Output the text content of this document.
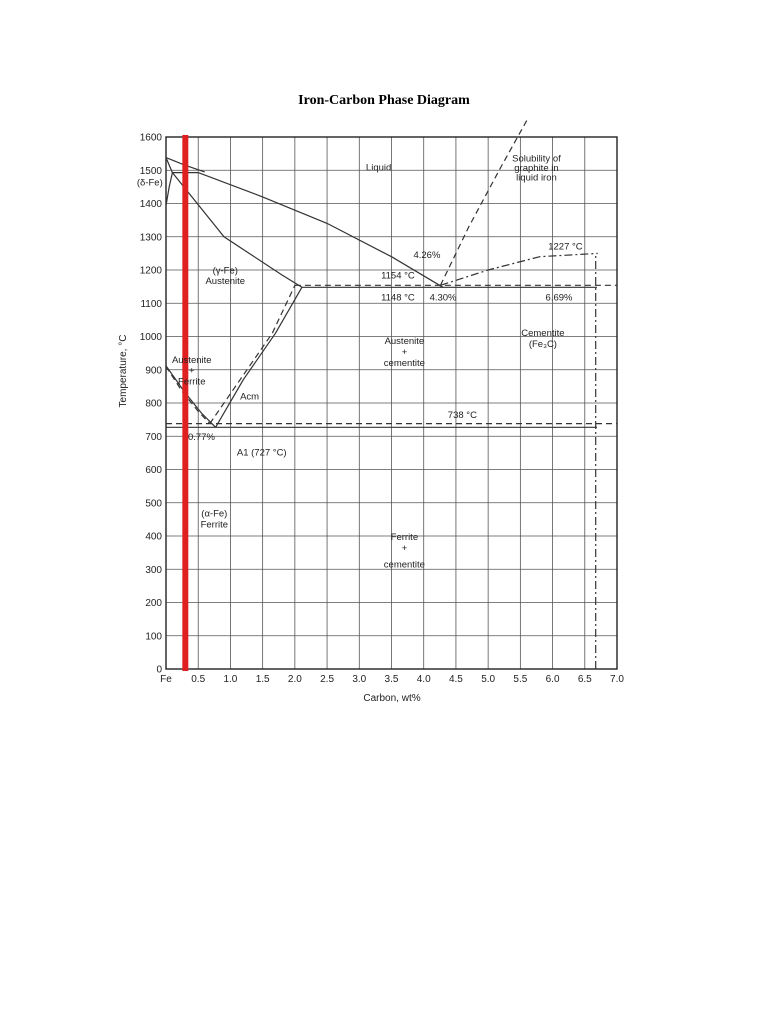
Iron-Carbon Phase Diagram
Fe 0.5 1.0 1.5 2.0 2.5 3.0 3.5 4.0 4.5 5.0 5.5 6.0 6.5 7.0
0
100
200
300
400
500
600
700
800
900
1000
1100
1200
1300
1400
1500
1600
Liquid
Solubility of
graphite in
liquid iron
(δ-Fe)
(γ-Fe)
Austenite
1227 °C
4.26%
1154 °C
1148 °C 4.30%	6.69%
Cementite
(Fe₃C)
Austenite
+
cementite
Austenite
+
Ferrite
Acm
738 °C
0.77%
A1 (727 °C)
(α-Fe)
Ferrite
Ferrite
+
cementite
Carbon, wt%
Temperature, °C
